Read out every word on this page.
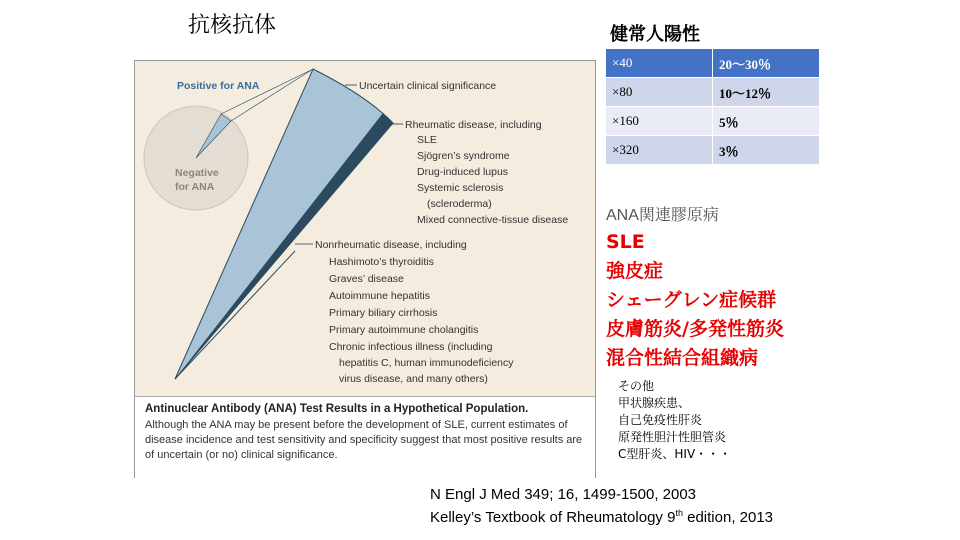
抗核抗体
Positive for ANA
Negative
for ANA
Uncertain clinical significance
Rheumatic disease, including
SLE
Sjögren’s syndrome
Drug-induced lupus
Systemic sclerosis
(scleroderma)
Mixed connective-tissue disease
Nonrheumatic disease, including
Hashimoto’s thyroiditis
Graves’ disease
Autoimmune hepatitis
Primary biliary cirrhosis
Primary autoimmune cholangitis
Chronic infectious illness (including
hepatitis C, human immunodeficiency
virus disease, and many others)
Antinuclear Antibody (ANA) Test Results in a Hypothetical Population.
Although the ANA may be present before the development of SLE, current estimates of disease incidence and test sensitivity and specificity suggest that most positive results are of uncertain (or no) clinical significance.
健常人陽性
×40	20〜30％
×80	10〜12％
×160	5％
×320	3％
ANA関連膠原病
SLE
強皮症
シェーグレン症候群
皮膚筋炎/多発性筋炎
混合性結合組織病
その他
甲状腺疾患、
自己免疫性肝炎
原発性胆汁性胆管炎
C型肝炎、HIV・・・
N Engl J Med 349; 16, 1499-1500, 2003
Kelley’s Textbook of Rheumatology 9th edition, 2013
